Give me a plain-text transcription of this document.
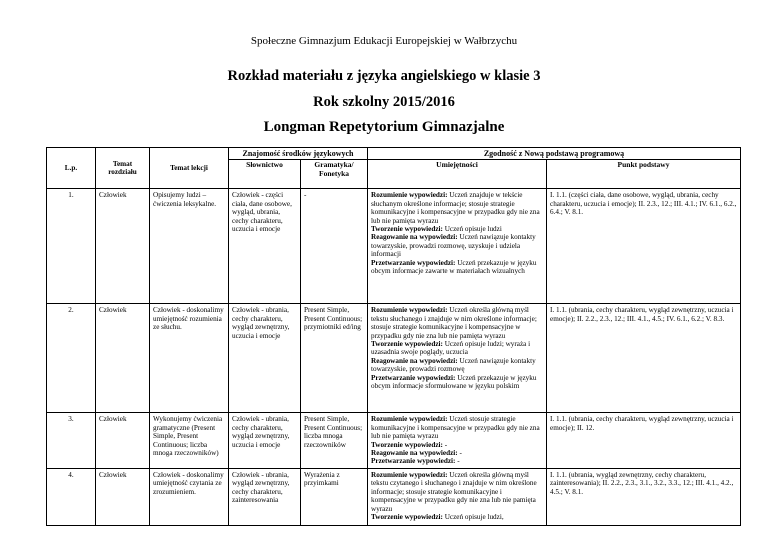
Społeczne Gimnazjum Edukacji Europejskiej w Wałbrzychu
Rozkład materiału z języka angielskiego w klasie 3
Rok szkolny 2015/2016
Longman Repetytorium Gimnazjalne
L.p.	Temat rozdziału	Temat lekcji	Znajomość środków językowych		Zgodność z Nową podstawą programową	
			Słownictwo	Gramatyka/ Fonetyka	Umiejętności	Punkt podstawy
1.	Człowiek	Opisujemy ludzi – ćwiczenia leksykalne.	Człowiek - części ciała, dane osobowe, wygląd, ubrania, cechy charakteru, uczucia i emocje	-	Rozumienie wypowiedzi: Uczeń znajduje w tekście słuchanym określone informacje; stosuje strategie komunikacyjne i kompensacyjne w przypadku gdy nie zna lub nie pamięta wyrazu
Tworzenie wypowiedzi: Uczeń opisuje ludzi
Reagowanie na wypowiedzi: Uczeń nawiązuje kontakty towarzyskie, prowadzi rozmowę, uzyskuje i udziela informacji
Przetwarzanie wypowiedzi: Uczeń przekazuje w języku obcym informacje zawarte w materiałach wizualnych	I. 1.1. (części ciała, dane osobowe, wygląd, ubrania, cechy charakteru, uczucia i emocje); II. 2.3., 12.; III. 4.1.; IV. 6.1., 6.2., 6.4.; V. 8.1.
2.	Człowiek	Człowiek - doskonalimy umiejętność rozumienia ze słuchu.	Człowiek - ubrania, cechy charakteru, wygląd zewnętrzny, uczucia i emocje	Present Simple, Present Continuous; przymiotniki ed/ing	Rozumienie wypowiedzi: Uczeń określa główną myśl tekstu słuchanego i znajduje w nim określone informacje; stosuje strategie komunikacyjne i kompensacyjne w przypadku gdy nie zna lub nie pamięta wyrazu
Tworzenie wypowiedzi: Uczeń opisuje ludzi; wyraża i uzasadnia swoje poglądy, uczucia
Reagowanie na wypowiedzi: Uczeń nawiązuje kontakty towarzyskie, prowadzi rozmowę
Przetwarzanie wypowiedzi: Uczeń przekazuje w języku obcym informacje sformułowane w języku polskim	I. 1.1. (ubrania, cechy charakteru, wygląd zewnętrzny, uczucia i emocje); II. 2.2., 2.3., 12.; III. 4.1., 4.5.; IV. 6.1., 6.2.; V. 8.3.
3.	Człowiek	Wykonujemy ćwiczenia gramatyczne (Present Simple, Present Continuous; liczba mnoga rzeczowników)	Człowiek - ubrania, cechy charakteru, wygląd zewnętrzny, uczucia i emocje	Present Simple, Present Continuous; liczba mnoga rzeczowników	Rozumienie wypowiedzi: Uczeń stosuje strategie komunikacyjne i kompensacyjne w przypadku gdy nie zna lub nie pamięta wyrazu
Tworzenie wypowiedzi: -
Reagowanie na wypowiedzi: -
Przetwarzanie wypowiedzi: -	I. 1.1. (ubrania, cechy charakteru, wygląd zewnętrzny, uczucia i emocje); II. 12.
4.	Człowiek	Człowiek - doskonalimy umiejętność czytania ze zrozumieniem.	Człowiek - ubrania, wygląd zewnętrzny, cechy charakteru, zainteresowania	Wyrażenia z przyimkami	Rozumienie wypowiedzi: Uczeń określa główną myśl tekstu czytanego i słuchanego i znajduje w nim określone informacje; stosuje strategie komunikacyjne i kompensacyjne w przypadku gdy nie zna lub nie pamięta wyrazu
Tworzenie wypowiedzi: Uczeń opisuje ludzi,	I. 1.1. (ubrania, wygląd zewnętrzny, cechy charakteru, zainteresowania); II. 2.2., 2.3., 3.1., 3.2., 3.3., 12.; III. 4.1., 4.2., 4.5.; V. 8.1.
